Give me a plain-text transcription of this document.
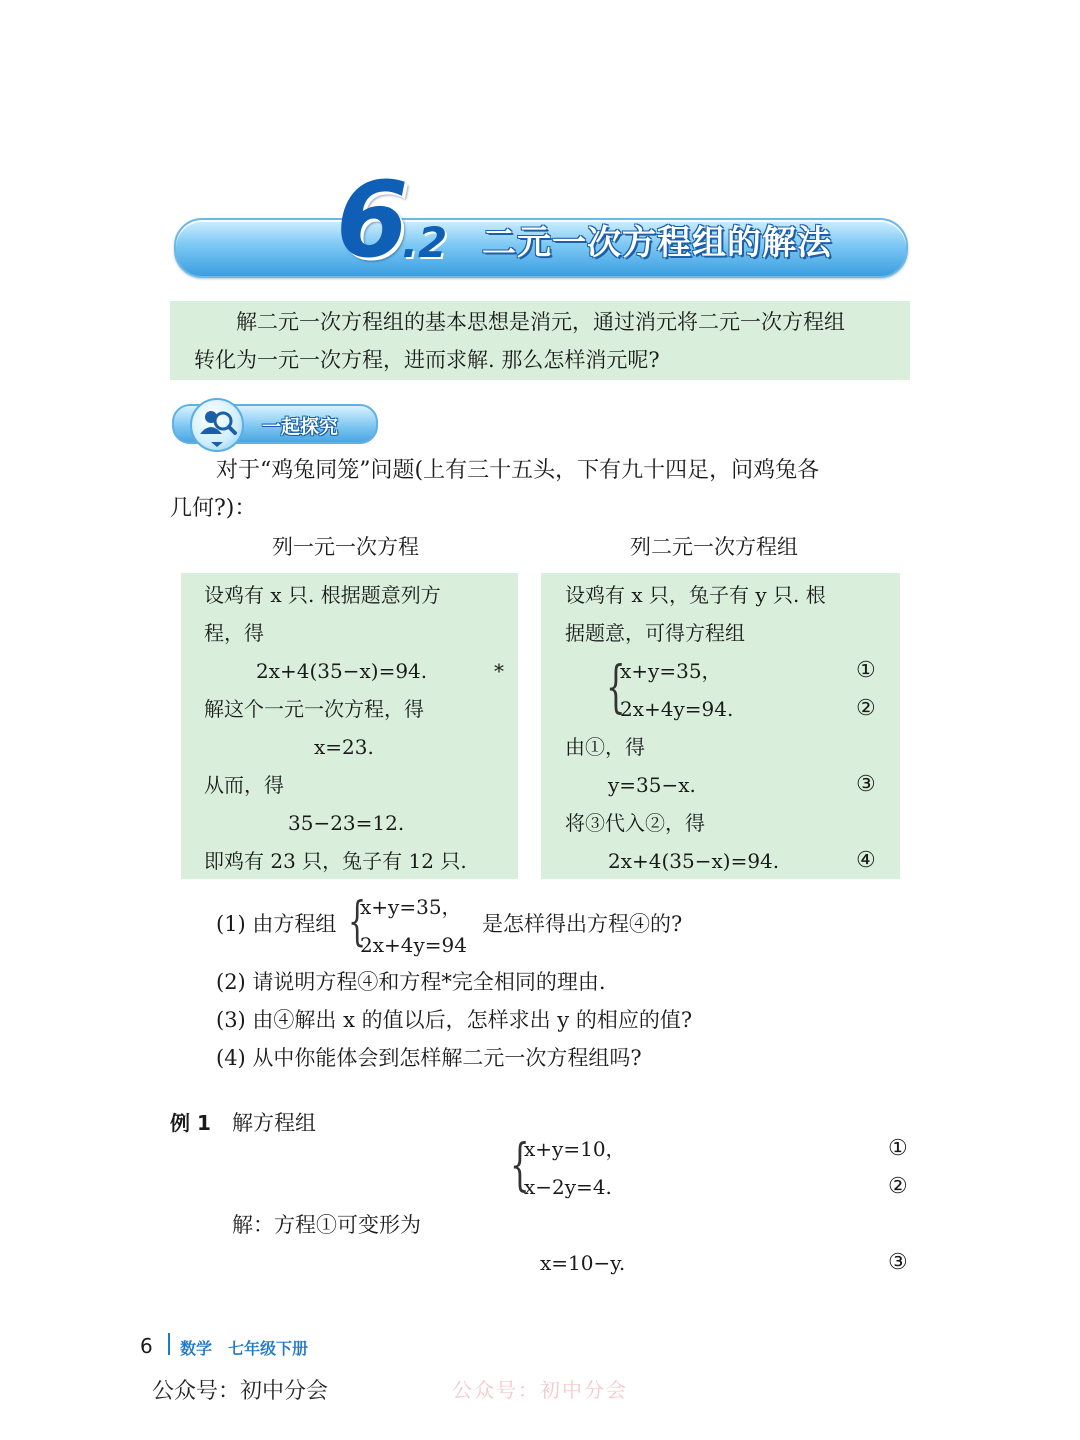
6
.2 二元一次方程组的解法
解二元一次方程组的基本思想是消元，通过消元将二元一次方程组
转化为一元一次方程，进而求解. 那么怎样消元呢?
一起探究
对于“鸡兔同笼”问题(上有三十五头，下有九十四足，问鸡兔各
几何?)：
列一元一次方程	列二元一次方程组
设鸡有 x 只. 根据题意列方
程，得
2x+4(35−x)=94.	*
解这个一元一次方程，得
x=23.
从而，得
35−23=12.
即鸡有 23 只，兔子有 12 只.
设鸡有 x 只，兔子有 y 只. 根
据题意，可得方程组
{
x+y=35，	①
2x+4y=94.	②
由①，得
y=35−x.	③
将③代入②，得
2x+4(35−x)=94.	④
(1) 由方程组 {
x+y=35，
2x+4y=94
是怎样得出方程④的?
(2) 请说明方程④和方程*完全相同的理由.
(3) 由④解出 x 的值以后，怎样求出 y 的相应的值?
(4) 从中你能体会到怎样解二元一次方程组吗?
例 1 解方程组
{
x+y=10，	①
x−2y=4.	②
解：方程①可变形为
x=10−y.	③
6 数学　七年级下册
公众号：初中分会	公众号：初中分会
